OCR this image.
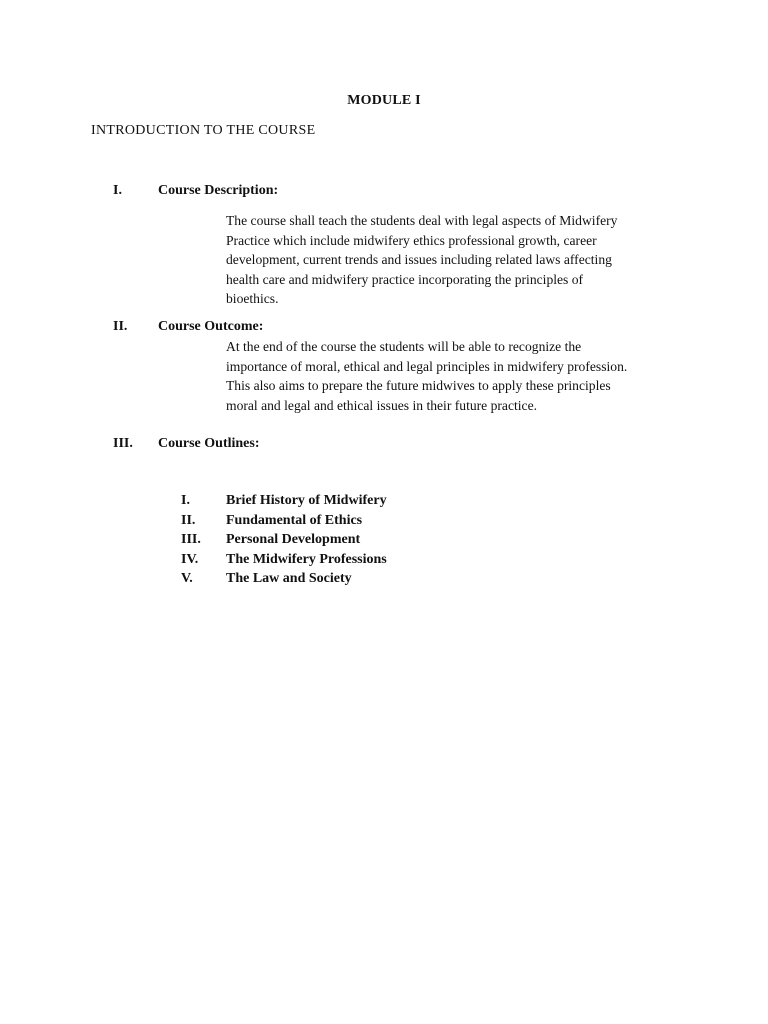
MODULE I
INTRODUCTION TO THE COURSE
I.	Course Description:
The course shall teach the students deal with legal aspects of Midwifery
Practice which include midwifery ethics professional growth, career
development, current trends and issues including related laws affecting
health care and midwifery practice incorporating the principles of
bioethics.
II. Course Outcome:
At the end of the course the students will be able to recognize the
importance of moral, ethical and legal principles in midwifery profession.
This also aims to prepare the future midwives to apply these principles
moral and legal and ethical issues in their future practice.
III. Course Outlines:
I.	Brief History of Midwifery
II. Fundamental of Ethics
III. Personal Development
IV. The Midwifery Professions
V. The Law and Society
